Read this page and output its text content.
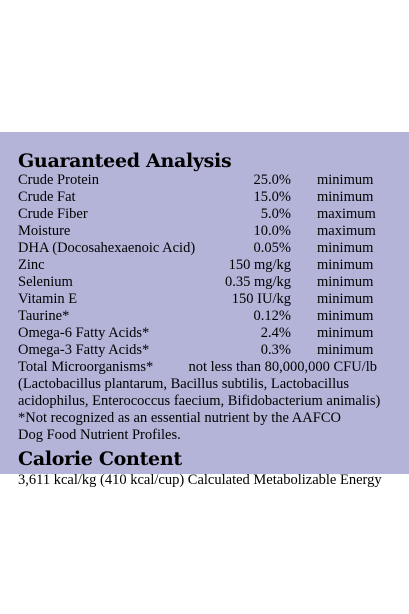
Guaranteed Analysis
Crude Protein	25.0% minimum
Crude Fat	15.0% minimum
Crude Fiber	5.0% maximum
Moisture	10.0% maximum
DHA (Docosahexaenoic Acid)	0.05% minimum
Zinc	150 mg/kg minimum
Selenium	0.35 mg/kg minimum
Vitamin E	150 IU/kg minimum
Taurine*	0.12% minimum
Omega-6 Fatty Acids*	2.4% minimum
Omega-3 Fatty Acids*	0.3% minimum
Total Microorganisms* not less than 80,000,000 CFU/lb
(Lactobacillus plantarum, Bacillus subtilis, Lactobacillus
acidophilus, Enterococcus faecium, Bifidobacterium animalis)
*Not recognized as an essential nutrient by the AAFCO
Dog Food Nutrient Profiles.
Calorie Content
3,611 kcal/kg (410 kcal/cup) Calculated Metabolizable Energy
